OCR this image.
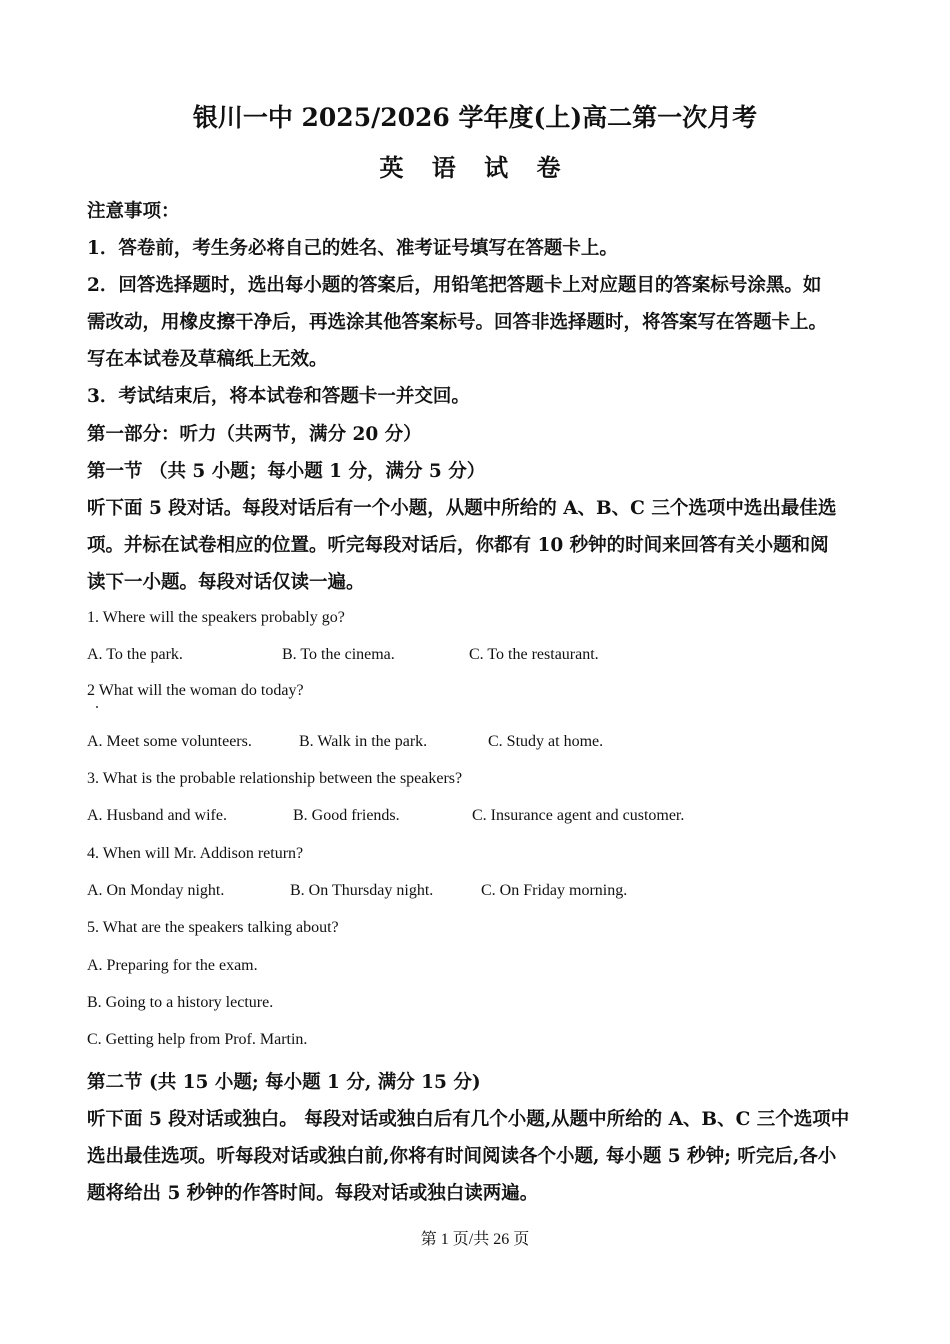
银川一中 2025/2026 学年度(上)高二第一次月考
英 语 试 卷
注意事项：
1．答卷前，考生务必将自己的姓名、准考证号填写在答题卡上。
2．回答选择题时，选出每小题的答案后，用铅笔把答题卡上对应题目的答案标号涂黑。如
需改动，用橡皮擦干净后，再选涂其他答案标号。回答非选择题时，将答案写在答题卡上。
写在本试卷及草稿纸上无效。
3．考试结束后，将本试卷和答题卡一并交回。
第一部分：听力（共两节，满分 20 分）
第一节 （共 5 小题；每小题 1 分，满分 5 分）
听下面 5 段对话。每段对话后有一个小题，从题中所给的 A、B、C 三个选项中选出最佳选
项。并标在试卷相应的位置。听完每段对话后，你都有 10 秒钟的时间来回答有关小题和阅
读下一小题。每段对话仅读一遍。
1. Where will the speakers probably go?
A. To the park.	B. To the cinema.	C. To the restaurant.
2 What will the woman do today?
A. Meet some volunteers.	B. Walk in the park.	C. Study at home.
3. What is the probable relationship between the speakers?
A. Husband and wife.	B. Good friends.	C. Insurance agent and customer.
4. When will Mr. Addison return?
A. On Monday night.	B. On Thursday night.	C. On Friday morning.
5. What are the speakers talking about?
A. Preparing for the exam.
B. Going to a history lecture.
C. Getting help from Prof. Martin.
第二节 (共 15 小题; 每小题 1 分, 满分 15 分)
听下面 5 段对话或独白。 每段对话或独白后有几个小题,从题中所给的 A、B、C 三个选项中
选出最佳选项。听每段对话或独白前,你将有时间阅读各个小题, 每小题 5 秒钟; 听完后,各小
题将给出 5 秒钟的作答时间。每段对话或独白读两遍。
第 1 页/共 26 页
